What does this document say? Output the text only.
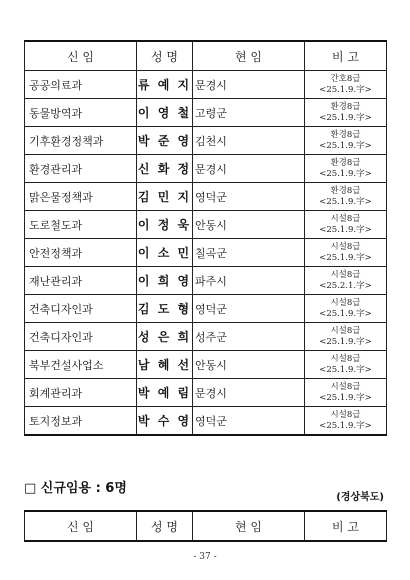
신 임	성 명	현 임	비 고

공공의료과	류 예 지	문경시	간호8급
<25.1.9.字>

동물방역과	이 영 철	고령군	환경8급
<25.1.9.字>

기후환경정책과	박 준 영	김천시	환경8급
<25.1.9.字>

환경관리과	신 화 정	문경시	환경8급
<25.1.9.字>

맑은물정책과	김 민 지	영덕군	환경8급
<25.1.9.字>

도로철도과	이 정 욱	안동시	시설8급
<25.1.9.字>

안전정책과	이 소 민	칠곡군	시설8급
<25.1.9.字>

재난관리과	이 희 영	파주시	시설8급
<25.2.1.字>

건축디자인과	김 도 형	영덕군	시설8급
<25.1.9.字>

건축디자인과	성 은 희	성주군	시설8급
<25.1.9.字>

북부건설사업소	남 혜 선	안동시	시설8급
<25.1.9.字>

회계관리과	박 예 림	문경시	시설8급
<25.1.9.字>

토지정보과	박 수 영	영덕군	시설8급
<25.1.9.字>
□ 신규임용 : 6명
(경상북도)
신 임	성 명	현 임	비 고
- 37 -
